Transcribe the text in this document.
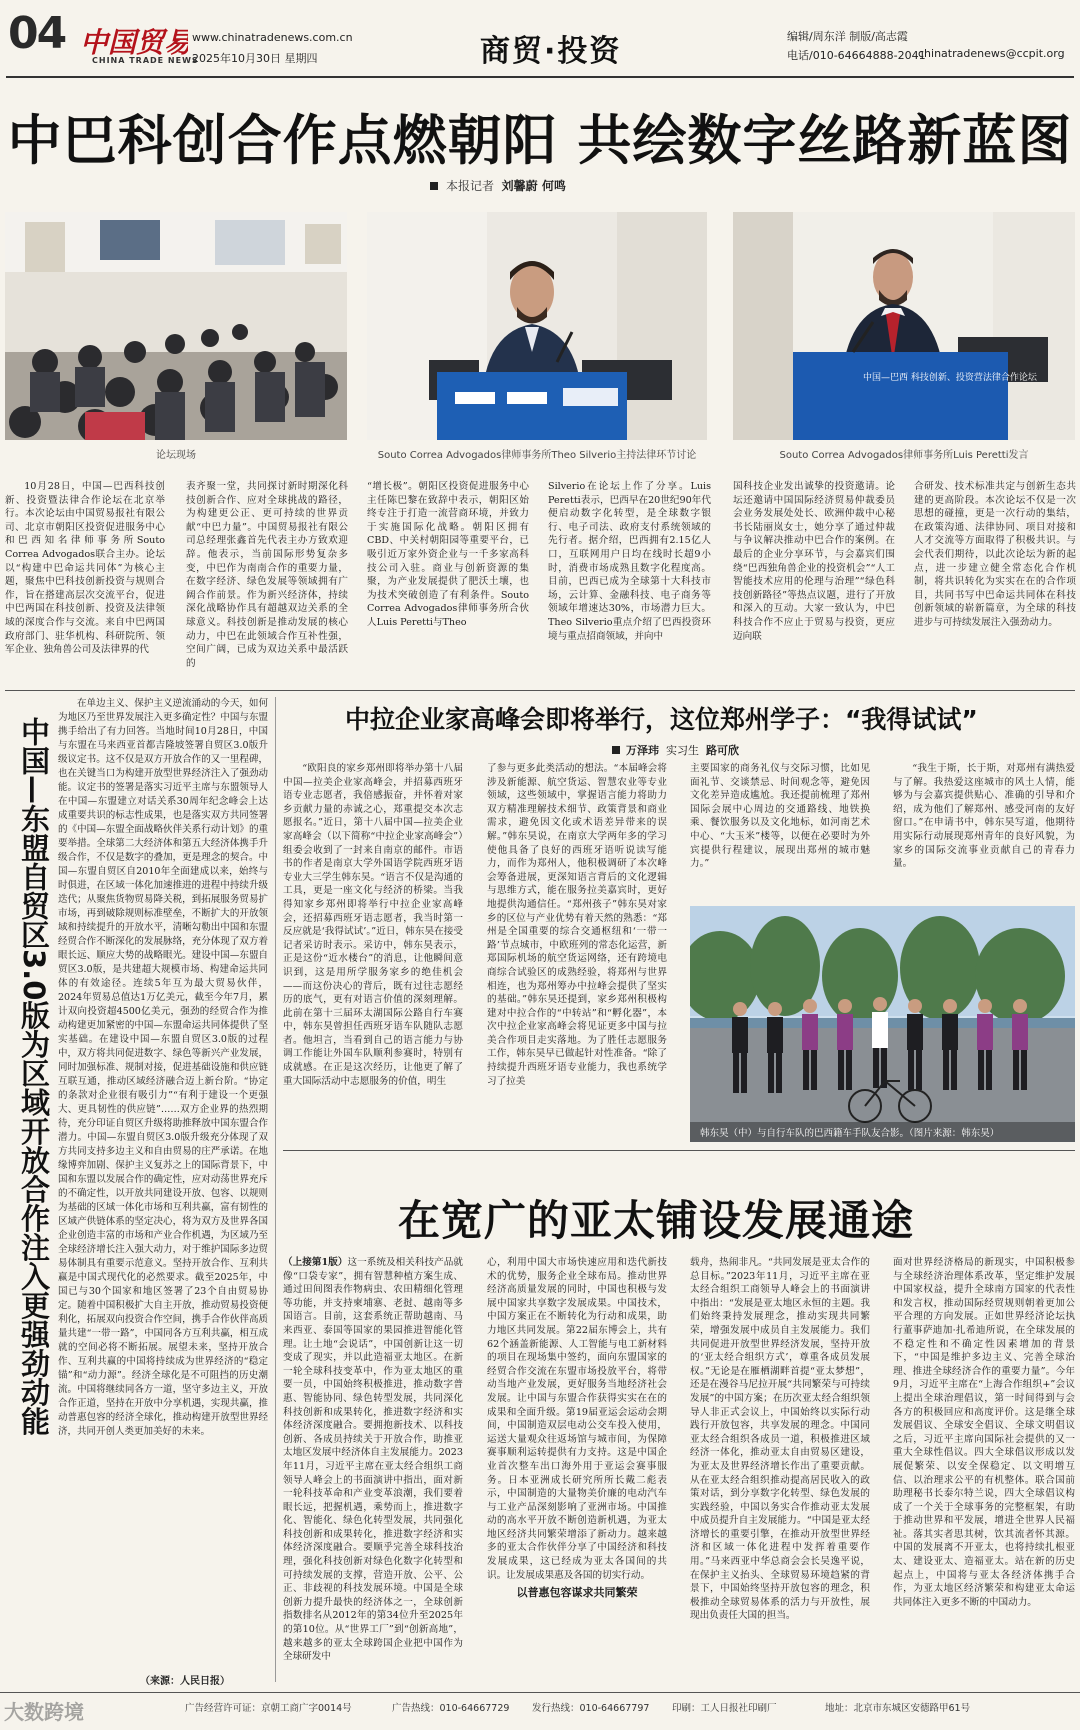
04 中国贸
CHINA TRADE NEWS
www.chinatradenews.com.cn
2025年10月30日 星期四	商贸·投资	编辑/周东洋 制版/高志霞
电话/010-64664888-2041
chinatradenews@ccpit.org
中巴科创合作点燃朝阳 共绘数字丝路新蓝图
本报记者 刘馨蔚 何鸣
论坛现场	Souto Correa Advogados律师事务所Theo Silverio主持法律环节讨论
中国—巴西 科技创新、投资营法律合作论坛
Souto Correa Advogados律师事务所Luis Peretti发言

10月28日，中国—巴西科技创新、投资暨法律合作论坛在北京举行。本次论坛由中国贸易报社有限公司、北京市朝阳区投资促进服务中心和巴西知名律师事务所Souto Correa Advogados联合主办。论坛以“构建中巴命运共同体”为核心主题，聚焦中巴科技创新投资与规则合作，旨在搭建高层次交流平台，促进中巴两国在科技创新、投资及法律领域的深度合作与交流。来自中巴两国政府部门、驻华机构、科研院所、领军企业、独角兽公司及法律界的代

表齐聚一堂，共同探讨新时期深化科技创新合作、应对全球挑战的路径，为构建更公正、更可持续的世界贡献“中巴力量”。中国贸易报社有限公司总经理张鑫首先代表主办方致欢迎辞。他表示，当前国际形势复杂多变，中巴作为南南合作的重要力量，在数字经济、绿色发展等领域拥有广阔合作前景。作为新兴经济体，持续深化战略协作具有超越双边关系的全球意义。科技创新是推动发展的核心动力，中巴在此领域合作互补性强，空间广阔，已成为双边关系中最活跃的

“增长极”。朝阳区投资促进服务中心主任陈巴黎在致辞中表示，朝阳区始终专注于打造一流营商环境，并致力于实施国际化战略。朝阳区拥有CBD、中关村朝阳园等重要平台，已吸引近万家外资企业与一千多家高科技公司入驻。商业与创新资源的集聚，为产业发展提供了肥沃土壤，也为技术突破创造了有利条件。Souto Correa Advogados律师事务所合伙人Luis Peretti与Theo

Silverio在论坛上作了分享。Luis Peretti表示，巴西早在20世纪90年代便启动数字化转型，是全球数字银行、电子司法、政府支付系统领域的先行者。据介绍，巴西拥有2.15亿人口，互联网用户日均在线时长超9小时，消费市场成熟且数字化程度高。目前，巴西已成为全球第十大科技市场，云计算、金融科技、电子商务等领域年增速达30%，市场潜力巨大。Theo Silverio重点介绍了巴西投资环境与重点招商领域，并向中

国科技企业发出诚挚的投资邀请。论坛还邀请中国国际经济贸易仲裁委员会业务发展处处长、欧洲仲裁中心秘书长陆丽岚女士，她分享了通过仲裁与争议解决推动中巴合作的案例。在最后的企业分享环节，与会嘉宾们围绕“巴西独角兽企业的投资机会”“人工智能技术应用的伦理与治理”“绿色科技创新路径”等热点议题，进行了开放和深入的互动。大家一致认为，中巴科技合作不应止于贸易与投资，更应迈向联

合研发、技术标准共定与创新生态共建的更高阶段。本次论坛不仅是一次思想的碰撞，更是一次行动的集结，在政策沟通、法律协同、项目对接和人才交流等方面取得了积极共识。与会代表们期待，以此次论坛为新的起点，进一步建立健全常态化合作机制，将共识转化为实实在在的合作项目，共同书写中巴命运共同体在科技创新领域的崭新篇章，为全球的科技进步与可持续发展注入强劲动力。

中国—东盟自贸区3.0版为区域开放合作注入更强劲动能

在单边主义、保护主义逆流涌动的今天，如何为地区乃至世界发展注入更多确定性？中国与东盟携手给出了有力回答。当地时间10月28日，中国与东盟在马来西亚首都吉隆坡签署自贸区3.0版升级议定书。这不仅是双方开放合作的又一里程碑，也在关键当口为构建开放型世界经济注入了强劲动能。议定书的签署是落实习近平主席与东盟领导人在中国—东盟建立对话关系30周年纪念峰会上达成重要共识的标志性成果，也是落实双方共同签署的《中国—东盟全面战略伙伴关系行动计划》的重要举措。全球第二大经济体和第五大经济体携手升级合作，不仅是数字的叠加，更是理念的契合。中国—东盟自贸区自2010年全面建成以来，始终与时俱进，在区域一体化加速推进的进程中持续升级迭代；从聚焦货物贸易降关税，到拓展服务贸易扩市场，再到破除规则标准壁垒，不断扩大的开放领域和持续提升的开放水平，清晰勾勒出中国和东盟经贸合作不断深化的发展脉络，充分体现了双方着眼长远、顺应大势的战略眼光。建设中国—东盟自贸区3.0版，是共建超大规模市场、构建命运共同体的有效途径。连续5年互为最大贸易伙伴，2024年贸易总值达1万亿美元，截至今年7月，累计双向投资超4500亿美元，强劲的经贸合作为推动构建更加紧密的中国—东盟命运共同体提供了坚实基础。在建设中国—东盟自贸区3.0版的过程中，双方将共同促进数字、绿色等新兴产业发展，同时加强标准、规制对接，促进基础设施和供应链互联互通，推动区域经济融合迈上新台阶。“协定的条款对企业很有吸引力”“有利于建设一个更强大、更具韧性的供应链”……双方企业界的热烈期待，充分印证自贸区升级将助推释放中国东盟合作潜力。中国—东盟自贸区3.0版升级充分体现了双方共同支持多边主义和自由贸易的庄严承诺。在地缘博弈加剧、保护主义复苏之上的国际背景下，中国和东盟以发展合作的确定性，应对动荡世界充斥的不确定性，以开放共同建设开放、包容、以规则为基础的区域一体化市场和互利共赢，富有韧性的区域产供链体系的坚定决心，将为双方及世界各国企业创造丰富的市场和产业合作机遇，为区域乃至全球经济增长注入强大动力，对于维护国际多边贸易体制具有重要示范意义。坚持开放合作、互利共赢是中国式现代化的必然要求。截至2025年，中国已与30个国家和地区签署了23个自由贸易协定。随着中国积极扩大自主开放，推动贸易投资便利化，拓展双向投资合作空间，携手合作伙伴高质量共建“一带一路”，中国同各方互利共赢，相互成就的空间必将不断拓展。展望未来，坚持开放合作、互利共赢的中国将持续成为世界经济的“稳定锚”和“动力源”。经济全球化是不可阻挡的历史潮流。中国将继续同各方一道，坚守多边主义，开放合作正道，坚持在开放中分享机遇，实现共赢，推动普惠包容的经济全球化，推动构建开放型世界经济，共同开创人类更加美好的未来。

（来源：人民日报）
中拉企业家高峰会即将举行，这位郑州学子：“我得试试”
万泽玮 实习生 路可欣

“欧阳良的家乡郑州即将举办第十八届中国—拉美企业家高峰会，并招募西班牙语专业志愿者，我倍感振奋，并怀着对家乡贡献力量的赤诚之心，郑重提交本次志愿报名。”近日，第十八届中国—拉美企业家高峰会（以下简称“中拉企业家高峰会”）组委会收到了一封来自南京的邮件。市语书的作者是南京大学外国语学院西班牙语专业大三学生韩东昊。“语言不仅是沟通的工具，更是一座文化与经济的桥梁。当我得知家乡郑州即将举行中拉企业家高峰会，还招募西班牙语志愿者，我当时第一反应就是‘我得试试’。”近日，韩东昊在接受记者采访时表示。采访中，韩东昊表示，正是这份“近水楼台”的消息，让他瞬间意识到，这是用所学服务家乡的绝佳机会——而这份决心的背后，既有过往志愿经历的底气，更有对语言价值的深刻理解。此前在第十三届环太湖国际公路自行车赛中，韩东昊曾担任西班牙语车队随队志愿者。他坦言，当看到自己的语言能力与协调工作能让外国车队顺利参赛时，特别有成就感。在正是这次经历，让他更了解了重大国际活动中志愿服务的价值，明生

了参与更多此类活动的想法。“本届峰会将涉及新能源、航空货运、智慧农业等专业领域，这些领域中，掌握语言能力将助力双方精准理解技术细节、政策背景和商业需求，避免因文化或术语差异带来的误解。”韩东昊说，在南京大学两年多的学习使他具备了良好的西班牙语听说读写能力，而作为郑州人，他积极调研了本次峰会筹备进展，更深知语言背后的文化逻辑与思维方式，能在服务拉美嘉宾时，更好地提供沟通信任。“郑州孩子”韩东昊对家乡的区位与产业优势有着天然的熟悉：“郑州是全国重要的综合交通枢纽和‘一带一路’节点城市，中欧班列的常态化运营，新郑国际机场的航空货运网络，还有跨境电商综合试验区的成熟经验，将郑州与世界相连，也为郑州筹办中拉峰会提供了坚实的基础。”韩东昊还提到，家乡郑州积极构建对中拉合作的“中转站”和“孵化器”，本次中拉企业家高峰会将见证更多中国与拉美合作项目走实落地。为了胜任志愿服务工作，韩东昊早已做起针对性准备。“除了持续提升西班牙语专业能力，我也系统学习了拉美

主要国家的商务礼仪与交际习惯，比如见面礼节、交谈禁忌、时间观念等，避免因文化差异造成尴尬。我还提前梳理了郑州国际会展中心周边的交通路线、地铁换乘、餐饮服务以及文化地标，如河南艺术中心、“大玉米”楼等，以便在必要时为外宾提供行程建议，展现出郑州的城市魅力。”

“我生于斯，长于斯，对郑州有满热爱与了解。我热爱这座城市的风土人情，能够为与会嘉宾提供贴心、准确的引导和介绍，成为他们了解郑州、感受河南的友好窗口。”在申请书中，韩东昊写道，他期待用实际行动展现郑州青年的良好风貌，为家乡的国际交流事业贡献自己的青春力量。

韩东昊（中）与自行车队的巴西籍车手队友合影。（图片来源：韩东昊）
在宽广的亚太铺设发展通途

（上接第1版）这一系统及相关科技产品就像“口袋专家”，拥有智慧种植方案生成、通过田间图表作物病虫、农田精细化管理等功能，并支持柬埔寨、老挝、越南等多国语言。目前，这套系统正帮助越南、马来西亚、泰国等国家的果园推进智能化管理。让土地“会说话”，中国创新让这一切变成了现实，并以此造福亚太地区。在新一轮全球科技变革中，作为亚太地区的重要一员，中国始终积极推进，推动数字普惠、智能协同、绿色转型发展，共同深化科技创新和成果转化，推进数字经济和实体经济深度融合。要拥抱新技术、以科技创新、各成员持续关于开放合作，助推亚太地区发展中经济体自主发展能力。2023年11月，习近平主席在亚太经合组织工商领导人峰会上的书面演讲中指出，面对新一轮科技革命和产业变革浪潮，我们要着眼长远，把握机遇，乘势而上，推进数字化、智能化、绿色化转型发展，共同强化科技创新和成果转化，推进数字经济和实体经济深度融合。要顺乎完善全球科技治理，强化科技创新对绿色化数字化转型和可持续发展的支撑，营造开放、公平、公正、非歧视的科技发展环境。中国是全球创新力提升最快的经济体之一，全球创新指数排名从2012年的第34位升至2025年的第10位。从“世界工厂”到“创新高地”，越来越多的亚太全球跨国企业把中国作为全球研发中

心，利用中国大市场快速应用和迭代新技术的优势，服务企业全球布局。推动世界经济高质量发展的同时，中国也积极与发展中国家共享数字发展成果。中国技术，中国方案正在不断转化为行动和成果，助力地区共同发展。第22届东博会上，共有62个涵盖新能源、人工智能与电工新材料的项目在现场集中签约，面向东盟国家的经贸合作交流在东盟市场投放平台，将带动当地产业发展，更好服务当地经济社会发展。让中国与东盟合作获得实实在在的成果和全面升级。第19届亚运会运动会期间，中国制造双层电动公交车投入使用，运送大量观众往返场馆与城市间，为保障赛事顺利运转提供有力支持。这是中国企业首次整车出口海外用于亚运会赛事服务。日本亚洲成长研究所所长戴二彪表示，中国制造的大量物美价廉的电动汽车与工业产品深刻影响了亚洲市场。中国推动的高水平开放不断创造新机遇，为亚太地区经济共同繁荣增添了新动力。越来越多的亚太合作伙伴分享了中国经济和科技发展成果，这已经成为亚太各国间的共识。让发展成果惠及各国的切实行动。

载舟，热闹非凡。“共同发展是亚太合作的总目标。”2023年11月，习近平主席在亚太经合组织工商领导人峰会上的书面演讲中指出：“发展是亚太地区永恒的主题。我们始终秉持发展理念，推动实现共同繁荣，增强发展中成员自主发展能力。我们共同促进开放型世界经济发展，坚持开放的‘亚太经合组织方式’，尊重各成员发展权。”无论是在雁栖湖畔首提“亚太梦想”，还是在漫谷马尼拉开展“共同繁荣与可持续发展”的中国方案；在历次亚太经合组织领导人非正式会议上，中国始终以实际行动践行开放包容，共享发展的理念。中国同亚太经合组织各成员一道，积极推进区域经济一体化，推动亚太自由贸易区建设，为亚太及世界经济增长作出了重要贡献。从在亚太经合组织推动提高居民收入的政策对话，到分享数字化转型、绿色发展的实践经验，中国以务实合作推动亚太发展中成员提升自主发展能力。“中国是亚太经济增长的重要引擎，在推动开放型世界经济和区域一体化进程中发挥着重要作用。”马来西亚中华总商会会长吴逸平说，在保护主义抬头、全球贸易环境趋紧的背景下，中国始终坚持开放包容的理念，积极推动全球贸易体系的活力与开放性，展现出负责任大国的担当。

面对世界经济格局的新现实，中国积极参与全球经济治理体系改革，坚定维护发展中国家权益，提升全球南方国家的代表性和发言权，推动国际经贸规则朝着更加公平合理的方向发展。正如世界经济论坛执行董事萨迪加·扎希迪所说，在全球发展的不稳定性和不确定性因素增加的背景下，“中国是维护多边主义、完善全球治理、推进全球经济合作的重要力量”。今年9月，习近平主席在“上海合作组织+”会议上提出全球治理倡议，第一时间得到与会各方的积极回应和高度评价。这是继全球发展倡议、全球安全倡议、全球文明倡议之后，习近平主席向国际社会提供的又一重大全球性倡议。四大全球倡议形成以发展促繁荣、以安全保稳定、以文明增互信、以治理求公平的有机整体。联合国前助理秘书长泰尔特兰说，四大全球倡议构成了一个关于全球事务的完整框架，有助于推动世界和平发展，增进全世界人民福祉。落其实者思其树，饮其流者怀其源。中国的发展离不开亚太，也将持续扎根亚太、建设亚太、造福亚太。站在新的历史起点上，中国将与亚太各经济体携手合作，为亚太地区经济繁荣和构建亚太命运共同体注入更多不断的中国动力。

以普惠包容谋求共同繁荣
大数跨境	广告经营许可证：京朝工商广字0014号	广告热线：010-64667729 发行热线：010-64667797 印刷：工人日报社印刷厂	地址：北京市东城区安德路甲61号
